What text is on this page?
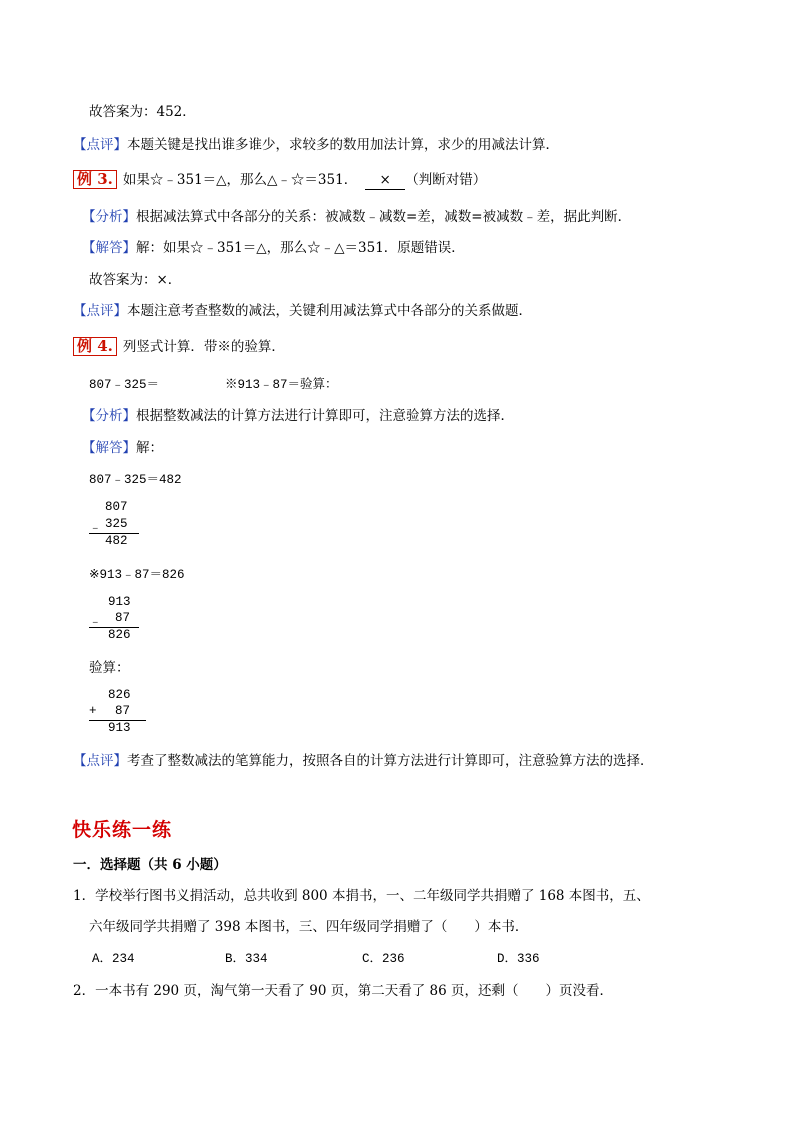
故答案为：452．
【点评】本题关键是找出谁多谁少，求较多的数用加法计算，求少的用减法计算．
例 3. 如果☆﹣351＝△，那么△﹣☆＝351． × （判断对错）
【分析】根据减法算式中各部分的关系：被减数﹣减数=差，减数=被减数﹣差，据此判断．
【解答】解：如果☆﹣351＝△，那么☆﹣△＝351．原题错误．
故答案为：×．
【点评】本题注意考查整数的减法，关键利用减法算式中各部分的关系做题．
例 4. 列竖式计算．带※的验算．
807﹣325＝	※913﹣87＝验算：
【分析】根据整数减法的计算方法进行计算即可，注意验算方法的选择．
【解答】解：
807﹣325＝482
807
﹣ 325
482
※913﹣87＝826
913
﹣ 87
826
验算：
826
+ 87
913
【点评】考查了整数减法的笔算能力，按照各自的计算方法进行计算即可，注意验算方法的选择．
快乐练一练
一．选择题（共 6 小题）
1．学校举行图书义捐活动，总共收到 800 本捐书，一、二年级同学共捐赠了 168 本图书，五、
六年级同学共捐赠了 398 本图书，三、四年级同学捐赠了（　　）本书．
A．234	B．334	C．236	D．336
2．一本书有 290 页，淘气第一天看了 90 页，第二天看了 86 页，还剩（　　）页没看．
